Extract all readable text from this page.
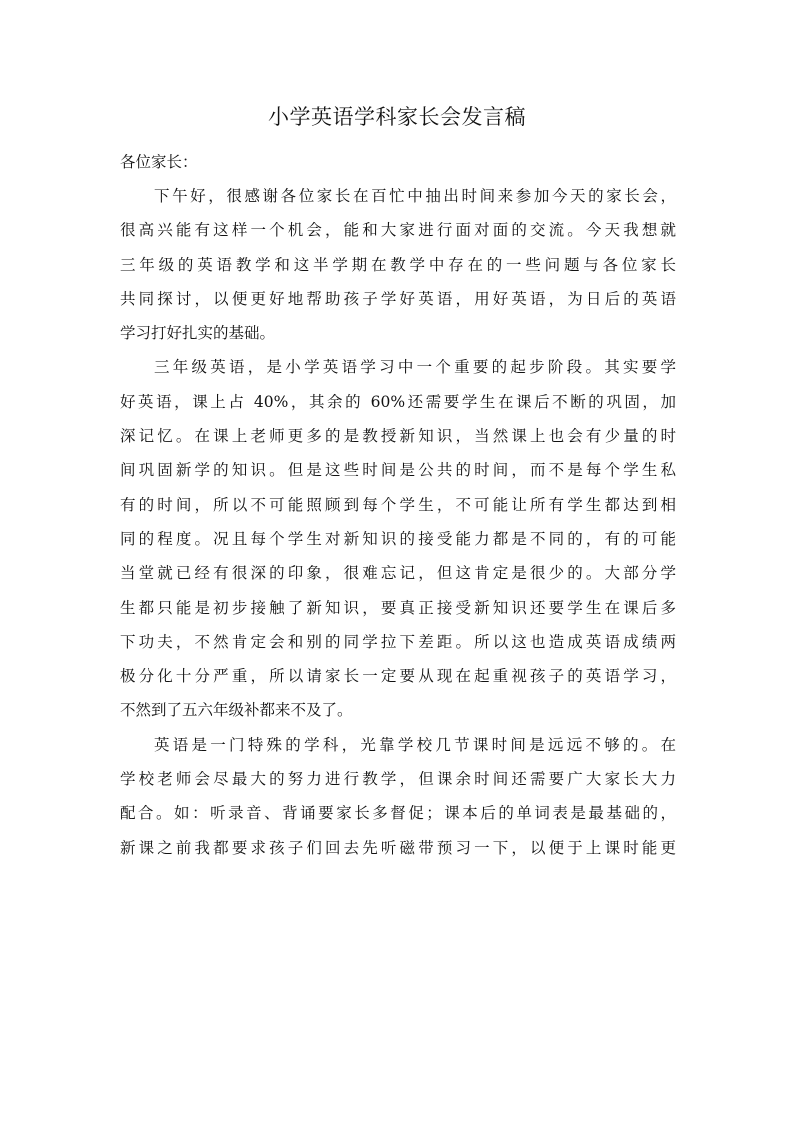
小学英语学科家长会发言稿

各位家长：

下午好，很感谢各位家长在百忙中抽出时间来参加今天的家长会，
很高兴能有这样一个机会，能和大家进行面对面的交流。今天我想就
三年级的英语教学和这半学期在教学中存在的一些问题与各位家长
共同探讨，以便更好地帮助孩子学好英语，用好英语，为日后的英语
学习打好扎实的基础。

三年级英语，是小学英语学习中一个重要的起步阶段。其实要学
好英语，课上占 40%，其余的 60%还需要学生在课后不断的巩固，加
深记忆。在课上老师更多的是教授新知识，当然课上也会有少量的时
间巩固新学的知识。但是这些时间是公共的时间，而不是每个学生私
有的时间，所以不可能照顾到每个学生，不可能让所有学生都达到相
同的程度。况且每个学生对新知识的接受能力都是不同的，有的可能
当堂就已经有很深的印象，很难忘记，但这肯定是很少的。大部分学
生都只能是初步接触了新知识，要真正接受新知识还要学生在课后多
下功夫，不然肯定会和别的同学拉下差距。所以这也造成英语成绩两
极分化十分严重，所以请家长一定要从现在起重视孩子的英语学习，
不然到了五六年级补都来不及了。

英语是一门特殊的学科，光靠学校几节课时间是远远不够的。在
学校老师会尽最大的努力进行教学，但课余时间还需要广大家长大力
配合。如：听录音、背诵要家长多督促；课本后的单词表是最基础的，
新课之前我都要求孩子们回去先听磁带预习一下，以便于上课时能更
